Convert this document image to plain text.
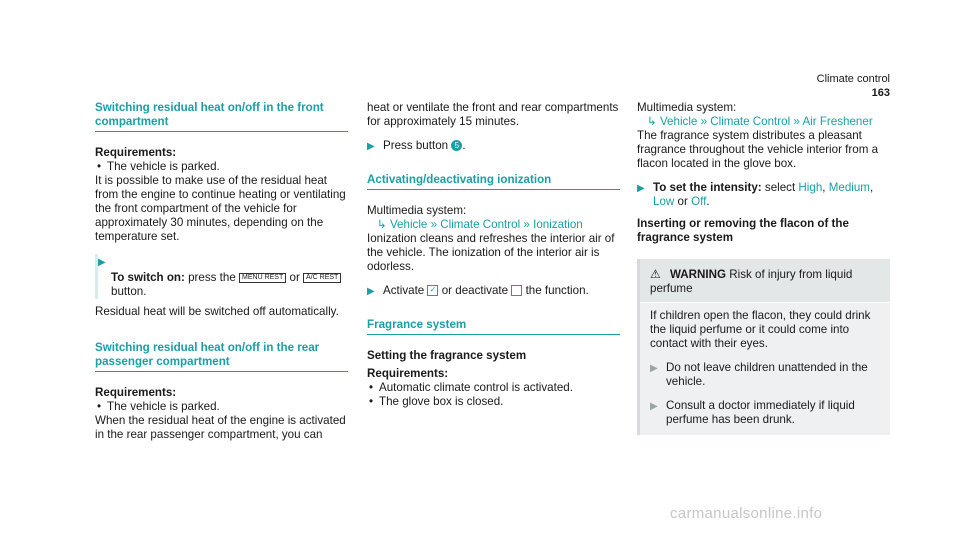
Climate control 163
Switching residual heat on/off in the front compartment

Requirements:

• The vehicle is parked.

It is possible to make use of the residual heat from the engine to continue heating or ventilating the front compartment of the vehicle for approximately 30 minutes, depending on the temperature set.

▶
To switch on: press the MENU REST or A/C REST button.

Residual heat will be switched off automatically.

Switching residual heat on/off in the rear passenger compartment

Requirements:

• The vehicle is parked.

When the residual heat of the engine is activated in the rear passenger compartment, you can

heat or ventilate the front and rear compartments for approximately 15 minutes.

▶ Press button 5 .

Activating/deactivating ionization

Multimedia system:

↳ Vehicle » Climate Control » Ionization

Ionization cleans and refreshes the interior air of the vehicle. The ionization of the interior air is odorless.

▶ Activate ✓ or deactivate the function.

Fragrance system

Setting the fragrance system

Requirements:

• Automatic climate control is activated.

• The glove box is closed.

Multimedia system:

↳ Vehicle » Climate Control » Air Freshener

The fragrance system distributes a pleasant fragrance throughout the vehicle interior from a flacon located in the glove box.

▶ To set the intensity: select High, Medium, Low or Off.

Inserting or removing the flacon of the fragrance system

⚠ WARNING Risk of injury from liquid perfume

If children open the flacon, they could drink the liquid perfume or it could come into contact with their eyes.

▶ Do not leave children unattended in the vehicle.

▶ Consult a doctor immediately if liquid perfume has been drunk.

carmanualsonline.info
